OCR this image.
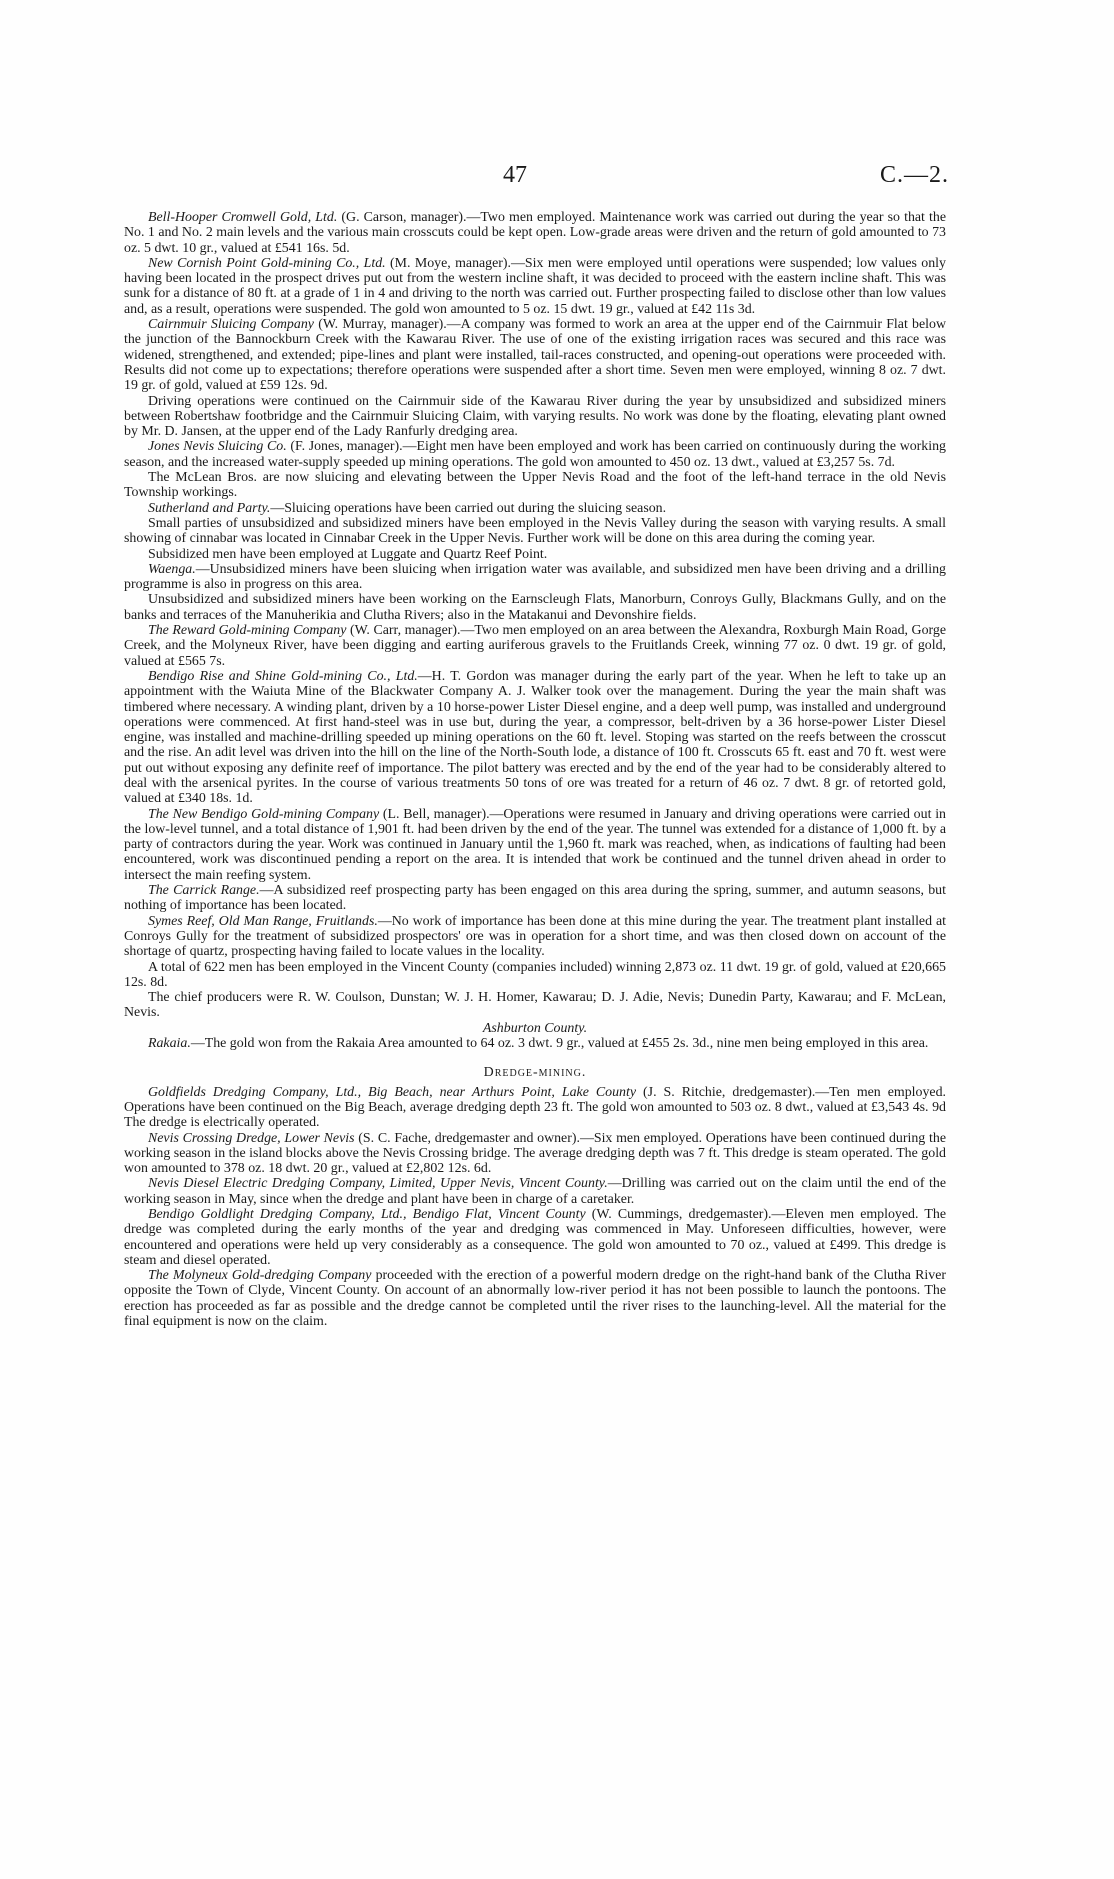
47	C.—2.

Bell-Hooper Cromwell Gold, Ltd. (G. Carson, manager).—Two men employed. Maintenance work was carried out during the year so that the No. 1 and No. 2 main levels and the various main crosscuts could be kept open. Low-grade areas were driven and the return of gold amounted to 73 oz. 5 dwt. 10 gr., valued at £541 16s. 5d.

New Cornish Point Gold-mining Co., Ltd. (M. Moye, manager).—Six men were employed until operations were suspended; low values only having been located in the prospect drives put out from the western incline shaft, it was decided to proceed with the eastern incline shaft. This was sunk for a distance of 80 ft. at a grade of 1 in 4 and driving to the north was carried out. Further prospecting failed to disclose other than low values and, as a result, operations were suspended. The gold won amounted to 5 oz. 15 dwt. 19 gr., valued at £42 11s 3d.

Cairnmuir Sluicing Company (W. Murray, manager).—A company was formed to work an area at the upper end of the Cairnmuir Flat below the junction of the Bannockburn Creek with the Kawarau River. The use of one of the existing irrigation races was secured and this race was widened, strengthened, and extended; pipe-lines and plant were installed, tail-races constructed, and opening-out operations were proceeded with. Results did not come up to expectations; therefore operations were suspended after a short time. Seven men were employed, winning 8 oz. 7 dwt. 19 gr. of gold, valued at £59 12s. 9d.

Driving operations were continued on the Cairnmuir side of the Kawarau River during the year by unsubsidized and subsidized miners between Robertshaw footbridge and the Cairnmuir Sluicing Claim, with varying results. No work was done by the floating, elevating plant owned by Mr. D. Jansen, at the upper end of the Lady Ranfurly dredging area.

Jones Nevis Sluicing Co. (F. Jones, manager).—Eight men have been employed and work has been carried on continuously during the working season, and the increased water-supply speeded up mining operations. The gold won amounted to 450 oz. 13 dwt., valued at £3,257 5s. 7d.

The McLean Bros. are now sluicing and elevating between the Upper Nevis Road and the foot of the left-hand terrace in the old Nevis Township workings.

Sutherland and Party.—Sluicing operations have been carried out during the sluicing season.

Small parties of unsubsidized and subsidized miners have been employed in the Nevis Valley during the season with varying results. A small showing of cinnabar was located in Cinnabar Creek in the Upper Nevis. Further work will be done on this area during the coming year.

Subsidized men have been employed at Luggate and Quartz Reef Point.

Waenga.—Unsubsidized miners have been sluicing when irrigation water was available, and subsidized men have been driving and a drilling programme is also in progress on this area.

Unsubsidized and subsidized miners have been working on the Earnscleugh Flats, Manorburn, Conroys Gully, Blackmans Gully, and on the banks and terraces of the Manuherikia and Clutha Rivers; also in the Matakanui and Devonshire fields.

The Reward Gold-mining Company (W. Carr, manager).—Two men employed on an area between the Alexandra, Roxburgh Main Road, Gorge Creek, and the Molyneux River, have been digging and earting auriferous gravels to the Fruitlands Creek, winning 77 oz. 0 dwt. 19 gr. of gold, valued at £565 7s.

Bendigo Rise and Shine Gold-mining Co., Ltd.—H. T. Gordon was manager during the early part of the year. When he left to take up an appointment with the Waiuta Mine of the Blackwater Company A. J. Walker took over the management. During the year the main shaft was timbered where necessary. A winding plant, driven by a 10 horse-power Lister Diesel engine, and a deep well pump, was installed and underground operations were commenced. At first hand-steel was in use but, during the year, a compressor, belt-driven by a 36 horse-power Lister Diesel engine, was installed and machine-drilling speeded up mining operations on the 60 ft. level. Stoping was started on the reefs between the crosscut and the rise. An adit level was driven into the hill on the line of the North-South lode, a distance of 100 ft. Crosscuts 65 ft. east and 70 ft. west were put out without exposing any definite reef of importance. The pilot battery was erected and by the end of the year had to be considerably altered to deal with the arsenical pyrites. In the course of various treatments 50 tons of ore was treated for a return of 46 oz. 7 dwt. 8 gr. of retorted gold, valued at £340 18s. 1d.

The New Bendigo Gold-mining Company (L. Bell, manager).—Operations were resumed in January and driving operations were carried out in the low-level tunnel, and a total distance of 1,901 ft. had been driven by the end of the year. The tunnel was extended for a distance of 1,000 ft. by a party of contractors during the year. Work was continued in January until the 1,960 ft. mark was reached, when, as indications of faulting had been encountered, work was discontinued pending a report on the area. It is intended that work be continued and the tunnel driven ahead in order to intersect the main reefing system.

The Carrick Range.—A subsidized reef prospecting party has been engaged on this area during the spring, summer, and autumn seasons, but nothing of importance has been located.

Symes Reef, Old Man Range, Fruitlands.—No work of importance has been done at this mine during the year. The treatment plant installed at Conroys Gully for the treatment of subsidized prospectors' ore was in operation for a short time, and was then closed down on account of the shortage of quartz, prospecting having failed to locate values in the locality.

A total of 622 men has been employed in the Vincent County (companies included) winning 2,873 oz. 11 dwt. 19 gr. of gold, valued at £20,665 12s. 8d.

The chief producers were R. W. Coulson, Dunstan; W. J. H. Homer, Kawarau; D. J. Adie, Nevis; Dunedin Party, Kawarau; and F. McLean, Nevis.

Ashburton County.

Rakaia.—The gold won from the Rakaia Area amounted to 64 oz. 3 dwt. 9 gr., valued at £455 2s. 3d., nine men being employed in this area.

Dredge-mining.

Goldfields Dredging Company, Ltd., Big Beach, near Arthurs Point, Lake County (J. S. Ritchie, dredgemaster).—Ten men employed. Operations have been continued on the Big Beach, average dredging depth 23 ft. The gold won amounted to 503 oz. 8 dwt., valued at £3,543 4s. 9d The dredge is electrically operated.

Nevis Crossing Dredge, Lower Nevis (S. C. Fache, dredgemaster and owner).—Six men employed. Operations have been continued during the working season in the island blocks above the Nevis Crossing bridge. The average dredging depth was 7 ft. This dredge is steam operated. The gold won amounted to 378 oz. 18 dwt. 20 gr., valued at £2,802 12s. 6d.

Nevis Diesel Electric Dredging Company, Limited, Upper Nevis, Vincent County.—Drilling was carried out on the claim until the end of the working season in May, since when the dredge and plant have been in charge of a caretaker.

Bendigo Goldlight Dredging Company, Ltd., Bendigo Flat, Vincent County (W. Cummings, dredgemaster).—Eleven men employed. The dredge was completed during the early months of the year and dredging was commenced in May. Unforeseen difficulties, however, were encountered and operations were held up very considerably as a consequence. The gold won amounted to 70 oz., valued at £499. This dredge is steam and diesel operated.

The Molyneux Gold-dredging Company proceeded with the erection of a powerful modern dredge on the right-hand bank of the Clutha River opposite the Town of Clyde, Vincent County. On account of an abnormally low-river period it has not been possible to launch the pontoons. The erection has proceeded as far as possible and the dredge cannot be completed until the river rises to the launching-level. All the material for the final equipment is now on the claim.
